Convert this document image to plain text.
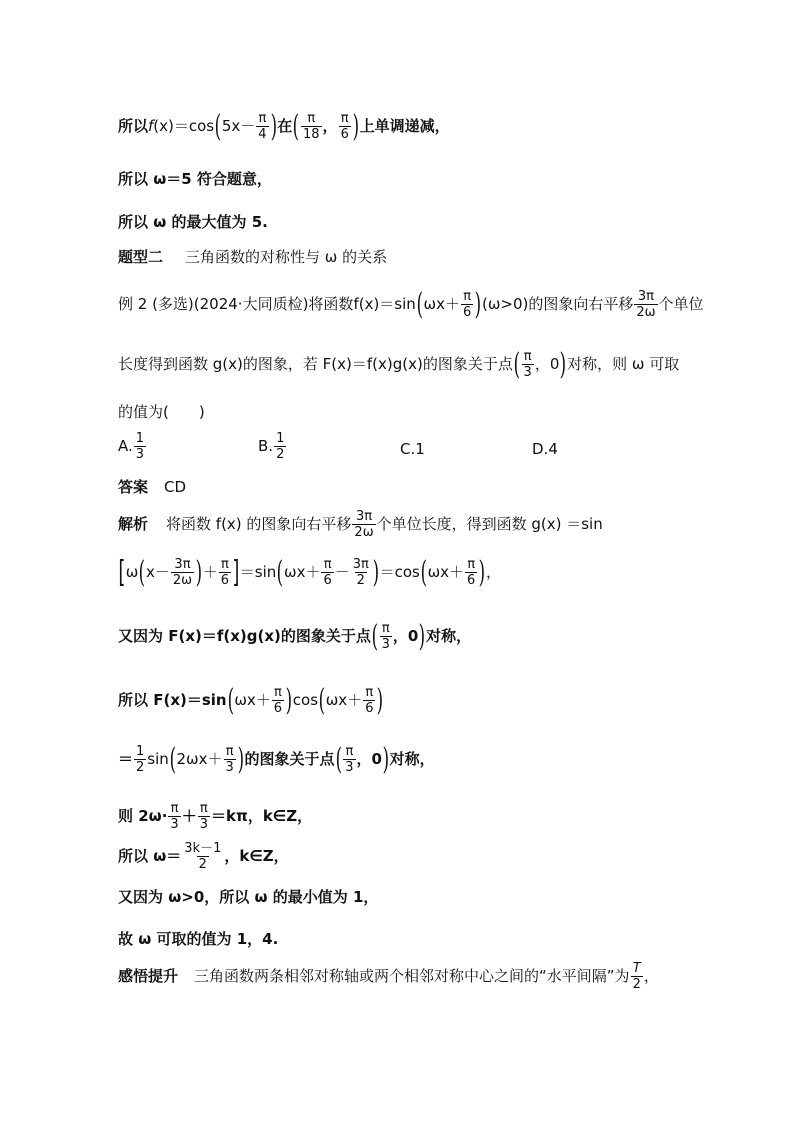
所以 f (x)＝cos ( $5x- \frac{\pi}{4}$ ) 在 ( $\frac{\pi}{18}$ ， $\frac{\pi}{6}$ ) 上单调递减，
所以 ω＝5 符合题意，
所以 ω 的最大值为 5.
题型二 三角函数的对称性与 ω 的关系
例 2 (多选)(2024·大同质检)将函数 f(x)＝sin ( $\omega x+ \frac{\pi}{6}$ ) (ω>0)的图象向右平移 $\frac{3\pi}{2\omega}$ 个单位
长度得到函数 g(x)的图象，若 F(x)＝f(x)g(x)的图象关于点 ( $\frac{\pi}{3}$ ，0 ) 对称，则 ω 可取
的值为(　　)
A. $\frac{1}{3}$	B. $\frac{1}{2}$	C.1	D.4
答案 CD
解析 将函数 f(x) 的图象向右平移 $\frac{3\pi}{2\omega}$ 个单位长度，得到函数 g(x) ＝sin
[ ω ( $x- \frac{3\pi}{2\omega}$ ) ＋ $\frac{\pi}{6}$ ] ＝sin ( $\omega x+ \frac{\pi}{6} - \frac{3\pi}{2}$ ) ＝cos ( $\omega x+ \frac{\pi}{6}$ ) ，
又因为 F(x)＝f(x)g(x)的图象关于点 ( $\frac{\pi}{3}$ ，0 ) 对称，
所以 F(x)＝sin ( $\omega x+ \frac{\pi}{6}$ ) cos ( $\omega x+ \frac{\pi}{6}$ )
＝ $\frac{1}{2}$ sin ( $2\omega x+ \frac{\pi}{3}$ ) 的图象关于点 ( $\frac{\pi}{3}$ ，0 ) 对称，
则 $2\omega\cdot \frac{\pi}{3} + \frac{\pi}{3} =k\pi$，k∈Z，
所以 $\omega= \frac{3k-1}{2}$ ，k∈Z，
又因为 ω>0，所以 ω 的最小值为 1，
故 ω 可取的值为 1，4.
感悟提升 三角函数两条相邻对称轴或两个相邻对称中心之间的“水平间隔”为 $\frac{T}{2}$ ，
